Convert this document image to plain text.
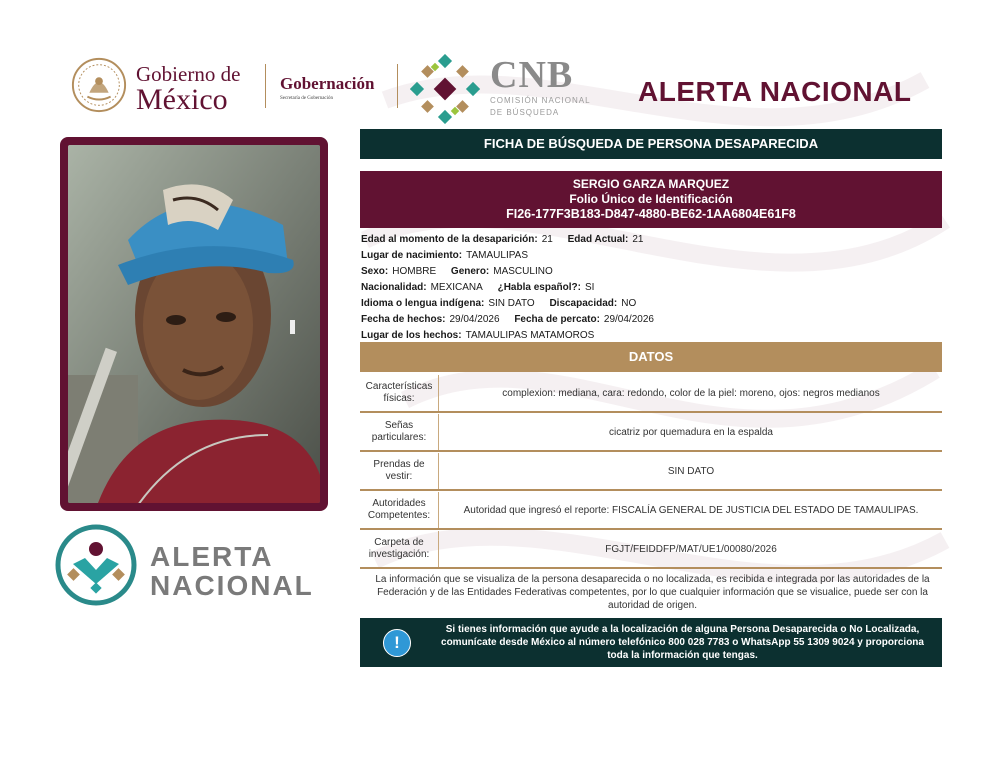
Gobierno de
México	Gobernación
Secretaría de Gobernación
CNB
COMISIÓN NACIONAL
DE BÚSQUEDA
ALERTA NACIONAL
ALERTA
NACIONAL
FICHA DE BÚSQUEDA DE PERSONA DESAPARECIDA
SERGIO GARZA MARQUEZ
Folio Único de Identificación
FI26-177F3B183-D847-4880-BE62-1AA6804E61F8
Edad al momento de la desaparición: 21 Edad Actual: 21
Lugar de nacimiento: TAMAULIPAS
Sexo: HOMBRE Genero: MASCULINO
Nacionalidad: MEXICANA ¿Habla español?: SI
Idioma o lengua indígena: SIN DATO Discapacidad: NO
Fecha de hechos: 29/04/2026 Fecha de percato: 29/04/2026
Lugar de los hechos: TAMAULIPAS MATAMOROS
DATOS
Características físicas:	complexion: mediana, cara: redondo, color de la piel: moreno, ojos: negros medianos
Señas particulares:	cicatriz por quemadura en la espalda
Prendas de vestir:	SIN DATO
Autoridades Competentes:	Autoridad que ingresó el reporte: FISCALÍA GENERAL DE JUSTICIA DEL ESTADO DE TAMAULIPAS.
Carpeta de investigación:	FGJT/FEIDDFP/MAT/UE1/00080/2026
La información que se visualiza de la persona desaparecida o no localizada, es recibida e integrada por las autoridades de la Federación y de las Entidades Federativas competentes, por lo que cualquier información que se visualice, puede ser con la autoridad de origen.
!
Si tienes información que ayude a la localización de alguna Persona Desaparecida o No Localizada, comunícate desde México al número telefónico 800 028 7783 o WhatsApp 55 1309 9024 y proporciona toda la información que tengas.
